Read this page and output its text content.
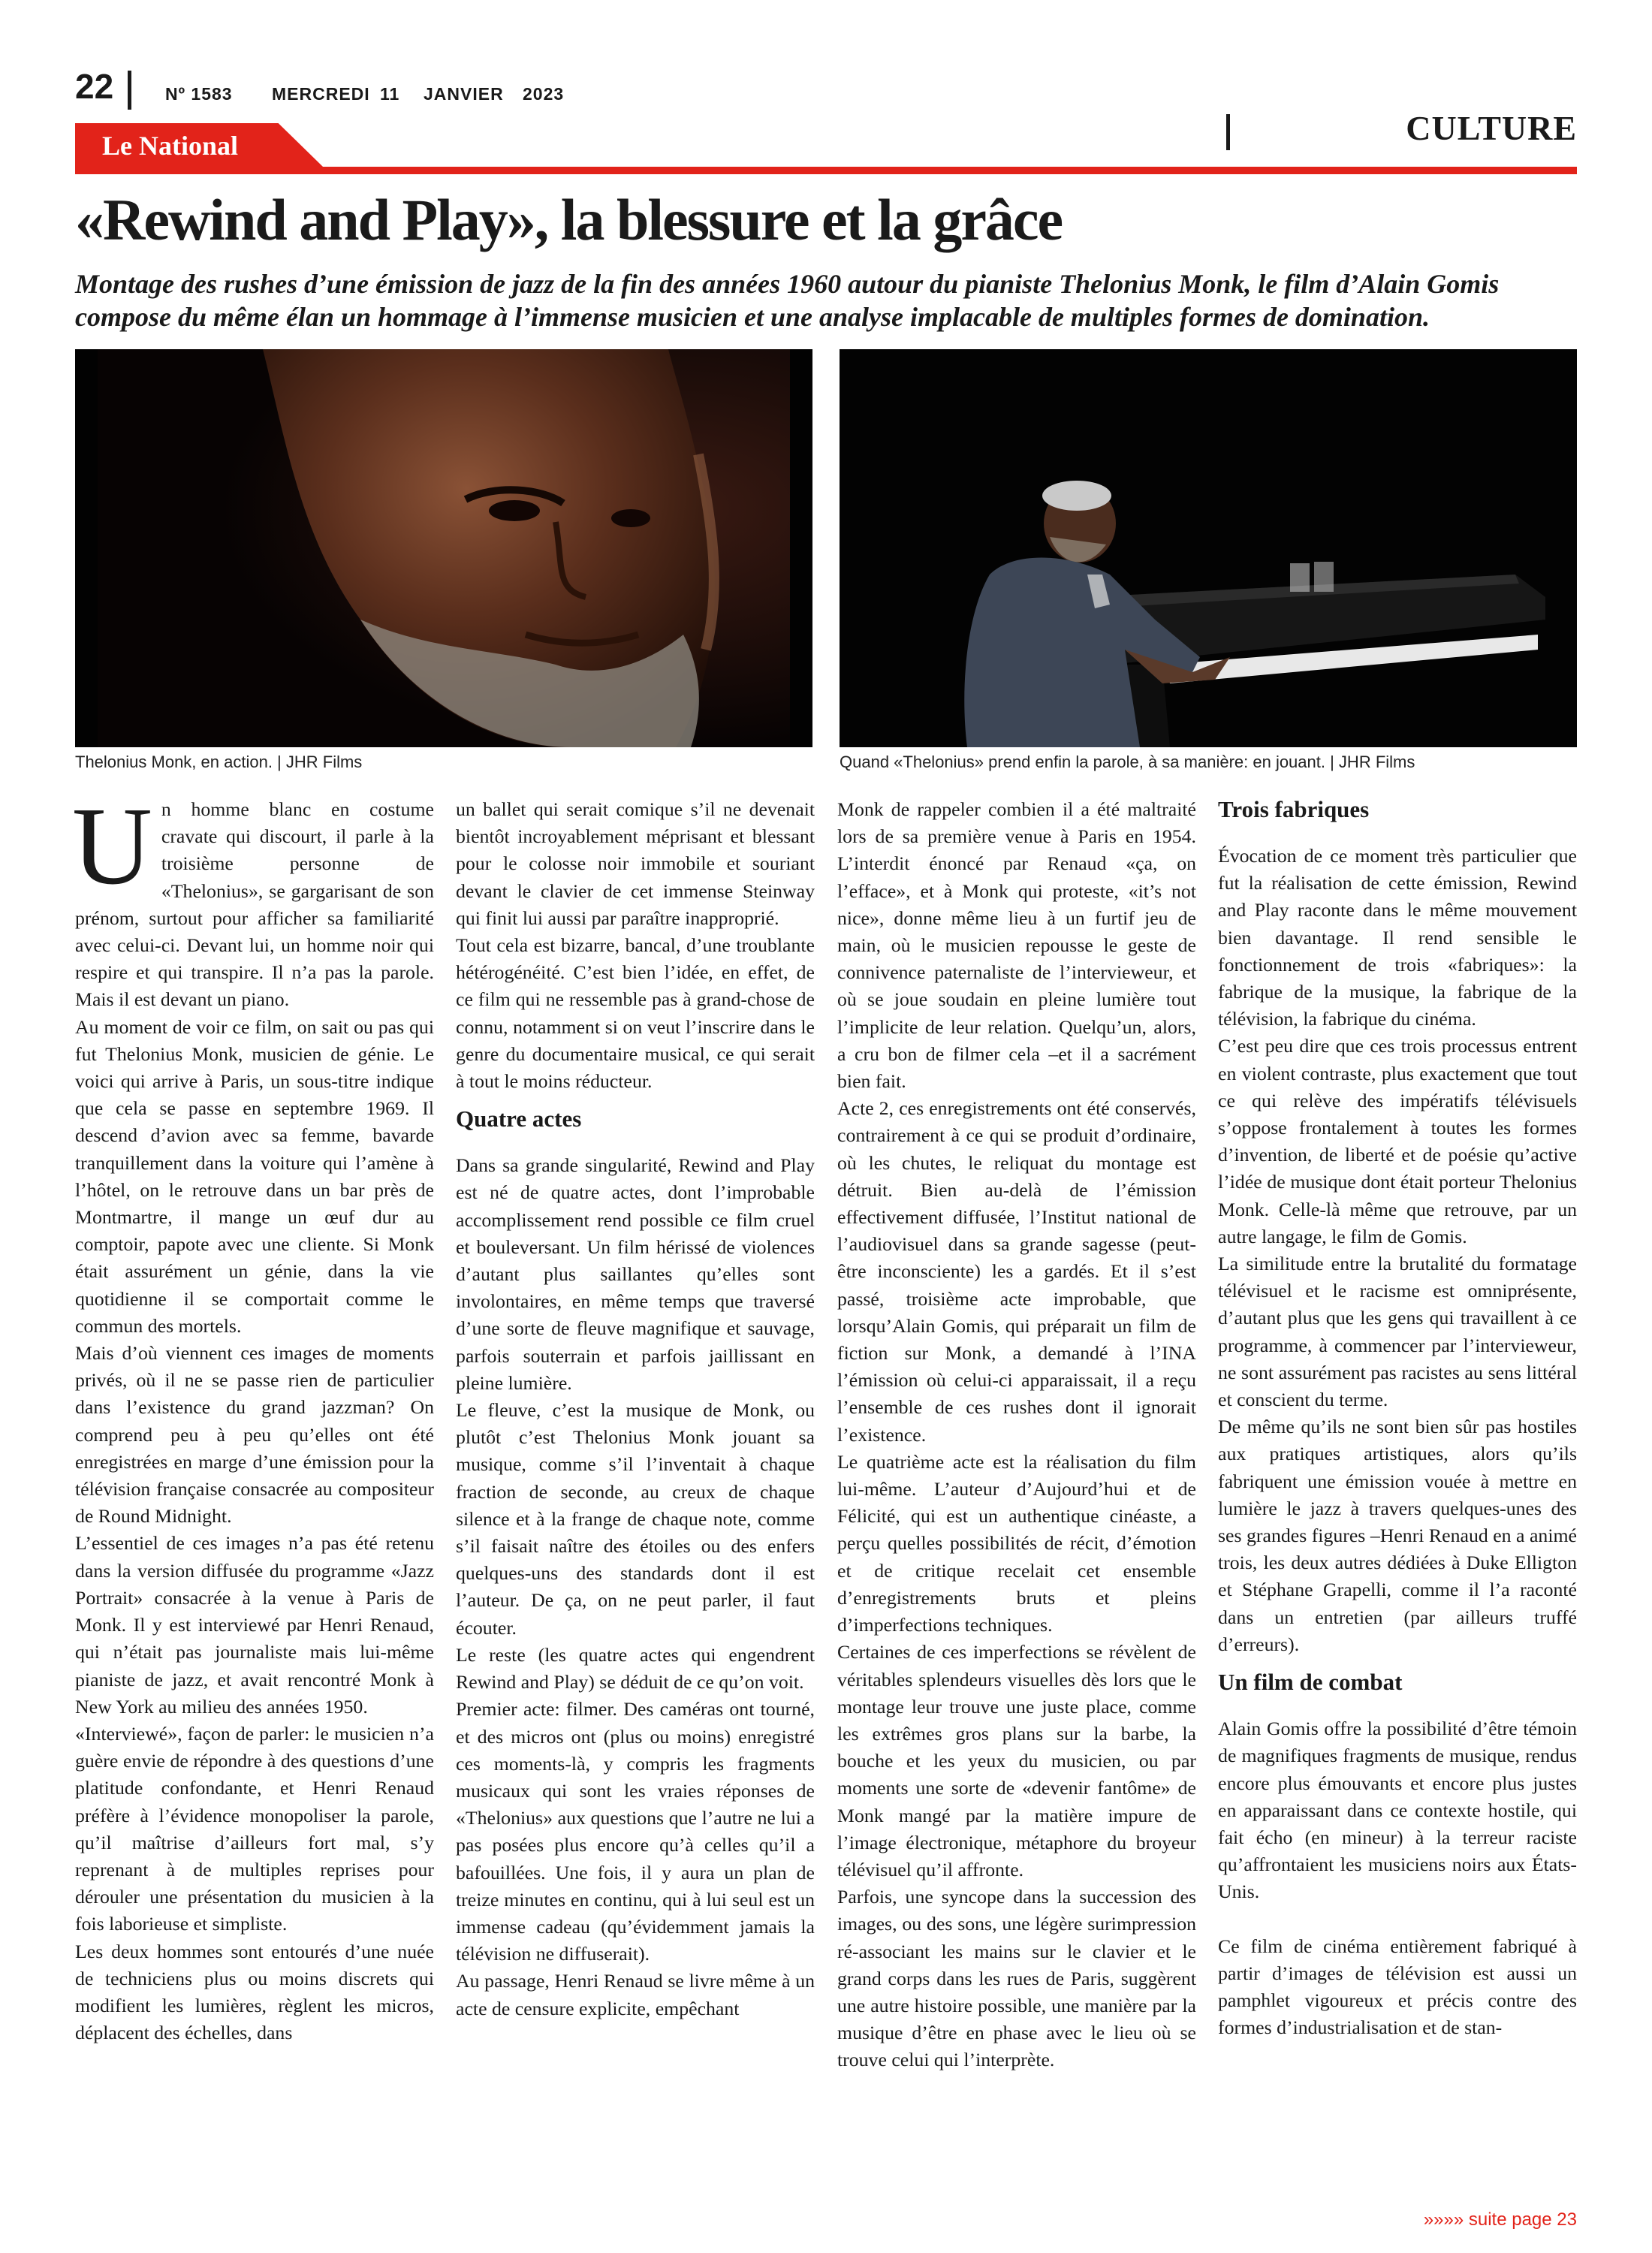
22	Nº 1583 MERCREDI 11 JANVIER 2023
CULTURE
Le National
«Rewind and Play», la blessure et la grâce
Montage des rushes d’une émission de jazz de la fin des années 1960 autour du pianiste Thelonius Monk, le film d’Alain Gomis compose du même élan un hommage à l’immense musicien et une analyse implacable de multiples formes de domination.
Thelonius Monk, en action. | JHR Films	Quand «Thelonius» prend enfin la parole, à sa manière: en jouant. | JHR Films

Un homme blanc en costume cravate qui discourt, il parle à la troisième personne de «Thelonius», se gargarisant de son prénom, surtout pour afficher sa familiarité avec celui-ci. Devant lui, un homme noir qui respire et qui transpire. Il n’a pas la parole. Mais il est devant un piano.

Au moment de voir ce film, on sait ou pas qui fut Thelonius Monk, musicien de génie. Le voici qui arrive à Paris, un sous-titre indique que cela se passe en septembre 1969. Il descend d’avion avec sa femme, bavarde tranquillement dans la voiture qui l’amène à l’hôtel, on le retrouve dans un bar près de Montmartre, il mange un œuf dur au comptoir, papote avec une cliente. Si Monk était assurément un génie, dans la vie quotidienne il se comportait comme le commun des mortels.

Mais d’où viennent ces images de moments privés, où il ne se passe rien de particulier dans l’existence du grand jazzman? On comprend peu à peu qu’elles ont été enregistrées en marge d’une émission pour la télévision française consacrée au compositeur de Round Midnight.

L’essentiel de ces images n’a pas été retenu dans la version diffusée du programme «Jazz Portrait» consacrée à la venue à Paris de Monk. Il y est interviewé par Henri Renaud, qui n’était pas journaliste mais lui-même pianiste de jazz, et avait rencontré Monk à New York au milieu des années 1950.

«Interviewé», façon de parler: le musicien n’a guère envie de répondre à des questions d’une platitude confondante, et Henri Renaud préfère à l’évidence monopoliser la parole, qu’il maîtrise d’ailleurs fort mal, s’y reprenant à de multiples reprises pour dérouler une présentation du musicien à la fois laborieuse et simpliste.

Les deux hommes sont entourés d’une nuée de techniciens plus ou moins discrets qui modifient les lumières, règlent les micros, déplacent des échelles, dans

un ballet qui serait comique s’il ne devenait bientôt incroyablement méprisant et blessant pour le colosse noir immobile et souriant devant le clavier de cet immense Steinway qui finit lui aussi par paraître inapproprié.

Tout cela est bizarre, bancal, d’une troublante hétérogénéité. C’est bien l’idée, en effet, de ce film qui ne ressemble pas à grand-chose de connu, notamment si on veut l’inscrire dans le genre du documentaire musical, ce qui serait à tout le moins réducteur.

Quatre actes

Dans sa grande singularité, Rewind and Play est né de quatre actes, dont l’improbable accomplissement rend possible ce film cruel et bouleversant. Un film hérissé de violences d’autant plus saillantes qu’elles sont involontaires, en même temps que traversé d’une sorte de fleuve magnifique et sauvage, parfois souterrain et parfois jaillissant en pleine lumière.

Le fleuve, c’est la musique de Monk, ou plutôt c’est Thelonius Monk jouant sa musique, comme s’il l’inventait à chaque fraction de seconde, au creux de chaque silence et à la frange de chaque note, comme s’il faisait naître des étoiles ou des enfers quelques-uns des standards dont il est l’auteur. De ça, on ne peut parler, il faut écouter.

Le reste (les quatre actes qui engendrent Rewind and Play) se déduit de ce qu’on voit.

Premier acte: filmer. Des caméras ont tourné, et des micros ont (plus ou moins) enregistré ces moments-là, y compris les fragments musicaux qui sont les vraies réponses de «Thelonius» aux questions que l’autre ne lui a pas posées plus encore qu’à celles qu’il a bafouillées. Une fois, il y aura un plan de treize minutes en continu, qui à lui seul est un immense cadeau (qu’évidemment jamais la télévision ne diffuserait).

Au passage, Henri Renaud se livre même à un acte de censure explicite, empêchant

Monk de rappeler combien il a été maltraité lors de sa première venue à Paris en 1954. L’interdit énoncé par Renaud «ça, on l’efface», et à Monk qui proteste, «it’s not nice», donne même lieu à un furtif jeu de main, où le musicien repousse le geste de connivence paternaliste de l’intervieweur, et où se joue soudain en pleine lumière tout l’implicite de leur relation. Quelqu’un, alors, a cru bon de filmer cela –et il a sacrément bien fait.

Acte 2, ces enregistrements ont été conservés, contrairement à ce qui se produit d’ordinaire, où les chutes, le reliquat du montage est détruit. Bien au-delà de l’émission effectivement diffusée, l’Institut national de l’audiovisuel dans sa grande sagesse (peut-être inconsciente) les a gardés. Et il s’est passé, troisième acte improbable, que lorsqu’Alain Gomis, qui préparait un film de fiction sur Monk, a demandé à l’INA l’émission où celui-ci apparaissait, il a reçu l’ensemble de ces rushes dont il ignorait l’existence.

Le quatrième acte est la réalisation du film lui-même. L’auteur d’Aujourd’hui et de Félicité, qui est un authentique cinéaste, a perçu quelles possibilités de récit, d’émotion et de critique recelait cet ensemble d’enregistrements bruts et pleins d’imperfections techniques.

Certaines de ces imperfections se révèlent de véritables splendeurs visuelles dès lors que le montage leur trouve une juste place, comme les extrêmes gros plans sur la barbe, la bouche et les yeux du musicien, ou par moments une sorte de «devenir fantôme» de Monk mangé par la matière impure de l’image électronique, métaphore du broyeur télévisuel qu’il affronte.

Parfois, une syncope dans la succession des images, ou des sons, une légère surimpression ré-associant les mains sur le clavier et le grand corps dans les rues de Paris, suggèrent une autre histoire possible, une manière par la musique d’être en phase avec le lieu où se trouve celui qui l’interprète.

Trois fabriques

Évocation de ce moment très particulier que fut la réalisation de cette émission, Rewind and Play raconte dans le même mouvement bien davantage. Il rend sensible le fonctionnement de trois «fabriques»: la fabrique de la musique, la fabrique de la télévision, la fabrique du cinéma.

C’est peu dire que ces trois processus entrent en violent contraste, plus exactement que tout ce qui relève des impératifs télévisuels s’oppose frontalement à toutes les formes d’invention, de liberté et de poésie qu’active l’idée de musique dont était porteur Thelonius Monk. Celle-là même que retrouve, par un autre langage, le film de Gomis.

La similitude entre la brutalité du formatage télévisuel et le racisme est omniprésente, d’autant plus que les gens qui travaillent à ce programme, à commencer par l’intervieweur, ne sont assurément pas racistes au sens littéral et conscient du terme.

De même qu’ils ne sont bien sûr pas hostiles aux pratiques artistiques, alors qu’ils fabriquent une émission vouée à mettre en lumière le jazz à travers quelques-unes des ses grandes figures –Henri Renaud en a animé trois, les deux autres dédiées à Duke Elligton et Stéphane Grapelli, comme il l’a raconté dans un entretien (par ailleurs truffé d’erreurs).

Un film de combat

Alain Gomis offre la possibilité d’être témoin de magnifiques fragments de musique, rendus encore plus émouvants et encore plus justes en apparaissant dans ce contexte hostile, qui fait écho (en mineur) à la terreur raciste qu’affrontaient les musiciens noirs aux États-Unis.

Ce film de cinéma entièrement fabriqué à partir d’images de télévision est aussi un pamphlet vigoureux et précis contre des formes d’industrialisation et de stan-

»»»» suite page 23
